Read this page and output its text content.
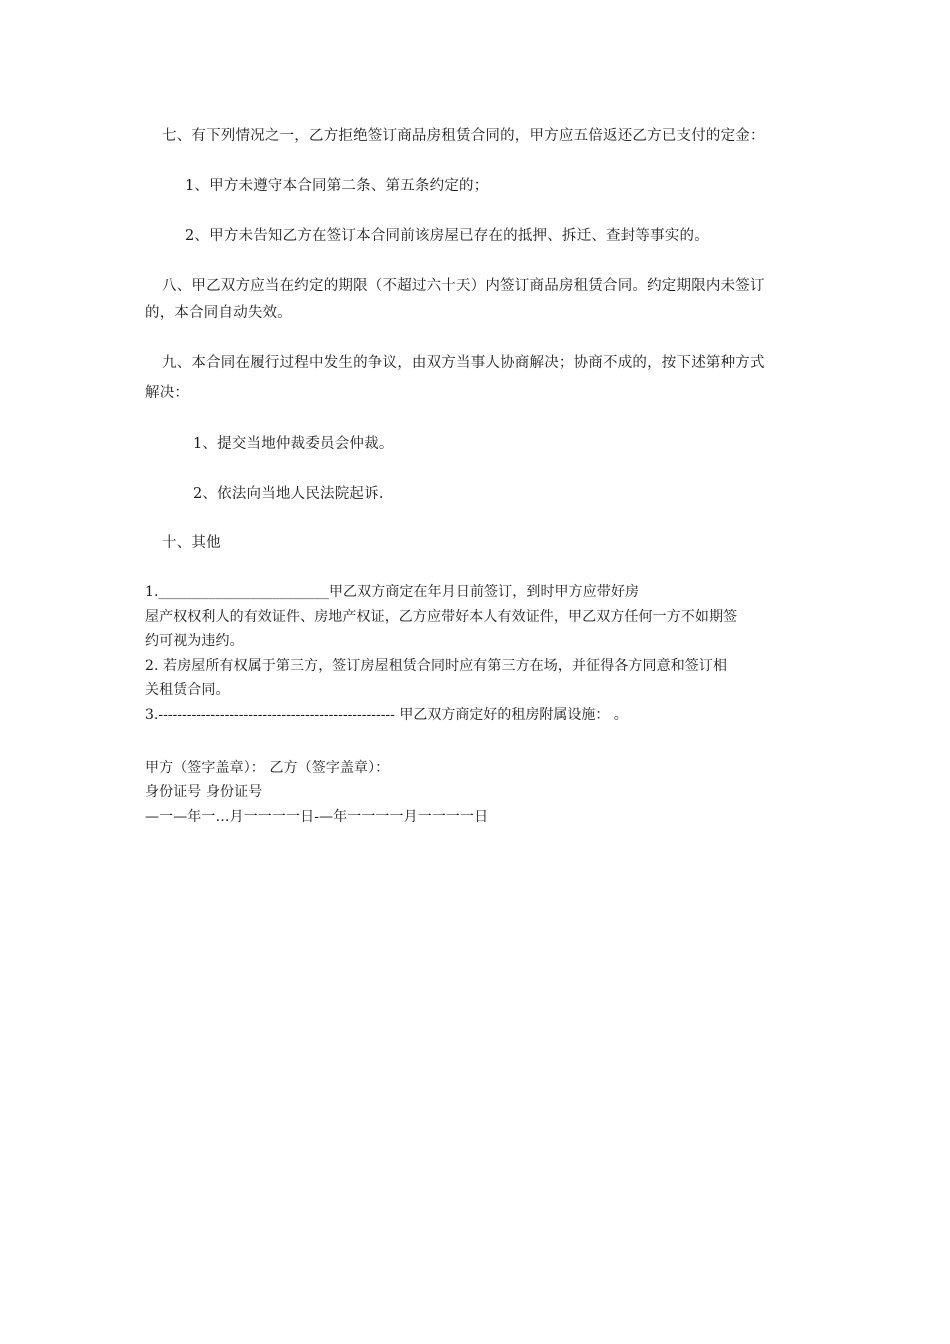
七、有下列情况之一，乙方拒绝签订商品房租赁合同的，甲方应五倍返还乙方已支付的定金：
1、甲方未遵守本合同第二条、第五条约定的；
2、甲方未告知乙方在签订本合同前该房屋已存在的抵押、拆迁、查封等事实的。
八、甲乙双方应当在约定的期限（不超过六十天）内签订商品房租赁合同。约定期限内未签订
的，本合同自动失效。
九、本合同在履行过程中发生的争议，由双方当事人协商解决；协商不成的，按下述第种方式
解决：
1、提交当地仲裁委员会仲裁。
2、依法向当地人民法院起诉.
十、其他
1.________________________甲乙双方商定在年月日前签订，到时甲方应带好房
屋产权权利人的有效证件、房地产权证，乙方应带好本人有效证件，甲乙双方任何一方不如期签
约可视为违约。
2. 若房屋所有权属于第三方，签订房屋租赁合同时应有第三方在场，并征得各方同意和签订相
关租赁合同。
3.-------------------------------------------------- 甲乙双方商定好的租房附属设施： 。
甲方（签字盖章）： 乙方（签字盖章）：
身份证号 身份证号
—一—年一…月一一一一日-—年一一一一月一一一一日
